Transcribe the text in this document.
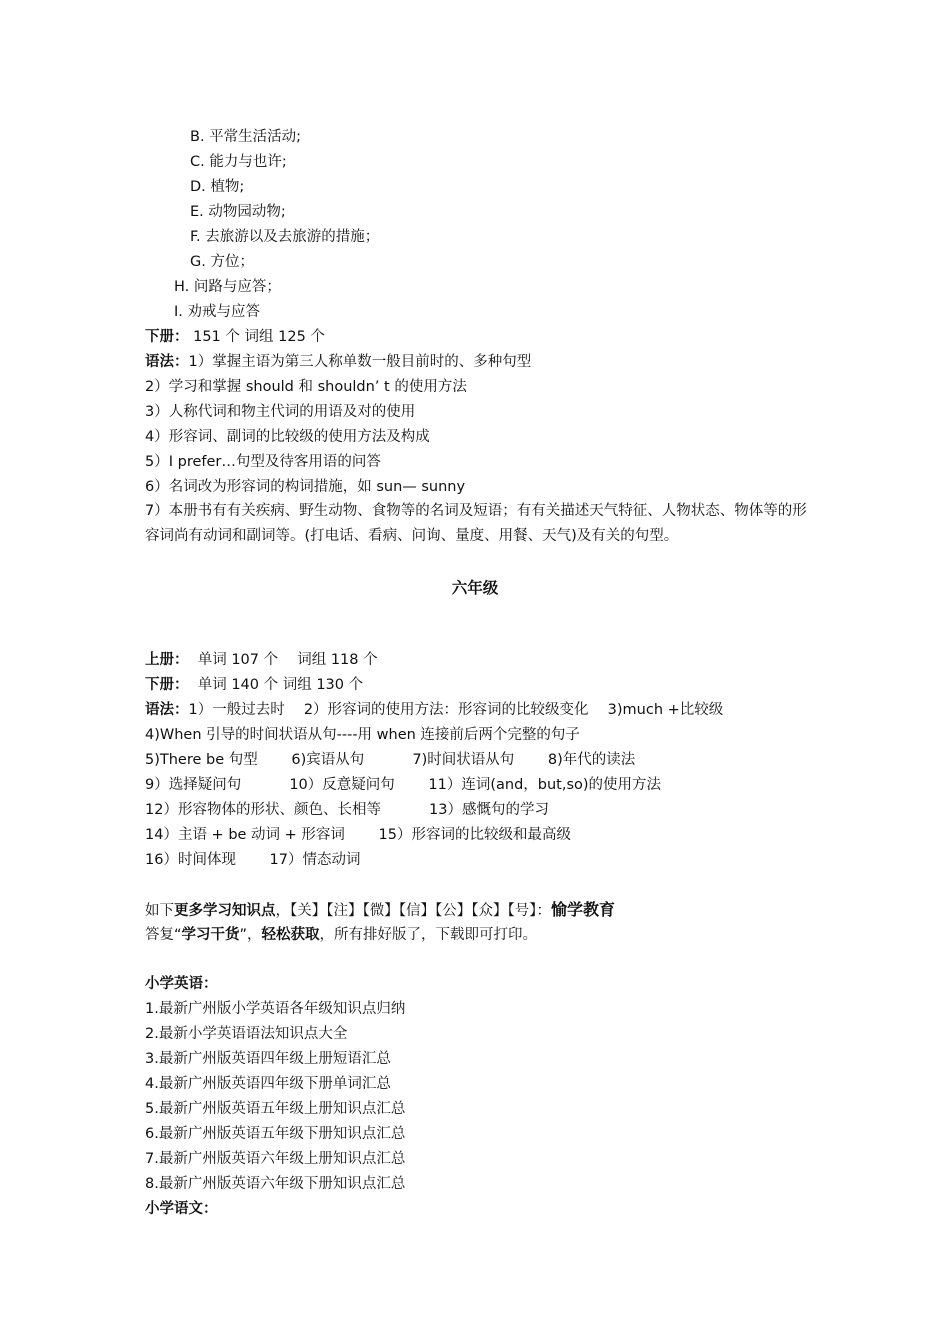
B. 平常生活活动;
C. 能力与也许;
D. 植物;
E. 动物园动物;
F. 去旅游以及去旅游的措施；
G. 方位；
H. 问路与应答；
I. 劝戒与应答
下册： 151 个 词组 125 个
语法：1）掌握主语为第三人称单数一般目前时的、多种句型
2）学习和掌握 should 和 shouldn’ t 的使用方法
3）人称代词和物主代词的用语及对的使用
4）形容词、副词的比较级的使用方法及构成
5）I prefer…句型及待客用语的问答
6）名词改为形容词的构词措施，如 sun— sunny
7）本册书有有关疾病、野生动物、食物等的名词及短语；有有关描述天气特征、人物状态、物体等的形容词尚有动词和副词等。(打电话、看病、问询、量度、用餐、天气)及有关的句型。
六年级
上册： 单词 107 个 　词组 118 个
下册： 单词 140 个 词组 130 个
语法：1）一般过去时 　2）形容词的使用方法：形容词的比较级变化 　3)much +比较级
4)When 引导的时间状语从句----用 when 连接前后两个完整的句子
5)There be 句型 　　6)宾语从句 　　　7)时间状语从句 　　8)年代的读法
9）选择疑问句 　　　10）反意疑问句 　　11）连词(and，but,so)的使用方法
12）形容物体的形状、颜色、长相等 　　　13）感慨句的学习
14）主语 + be 动词 + 形容词 　　15）形容词的比较级和最高级
16）时间体现 　　17）情态动词
如下更多学习知识点，【关】【注】【微】【信】【公】【众】【号】：愉学教育
答复“学习干货”，轻松获取，所有排好版了，下载即可打印。
小学英语：
1.最新广州版小学英语各年级知识点归纳
2.最新小学英语语法知识点大全
3.最新广州版英语四年级上册短语汇总
4.最新广州版英语四年级下册单词汇总
5.最新广州版英语五年级上册知识点汇总
6.最新广州版英语五年级下册知识点汇总
7.最新广州版英语六年级上册知识点汇总
8.最新广州版英语六年级下册知识点汇总
小学语文：
